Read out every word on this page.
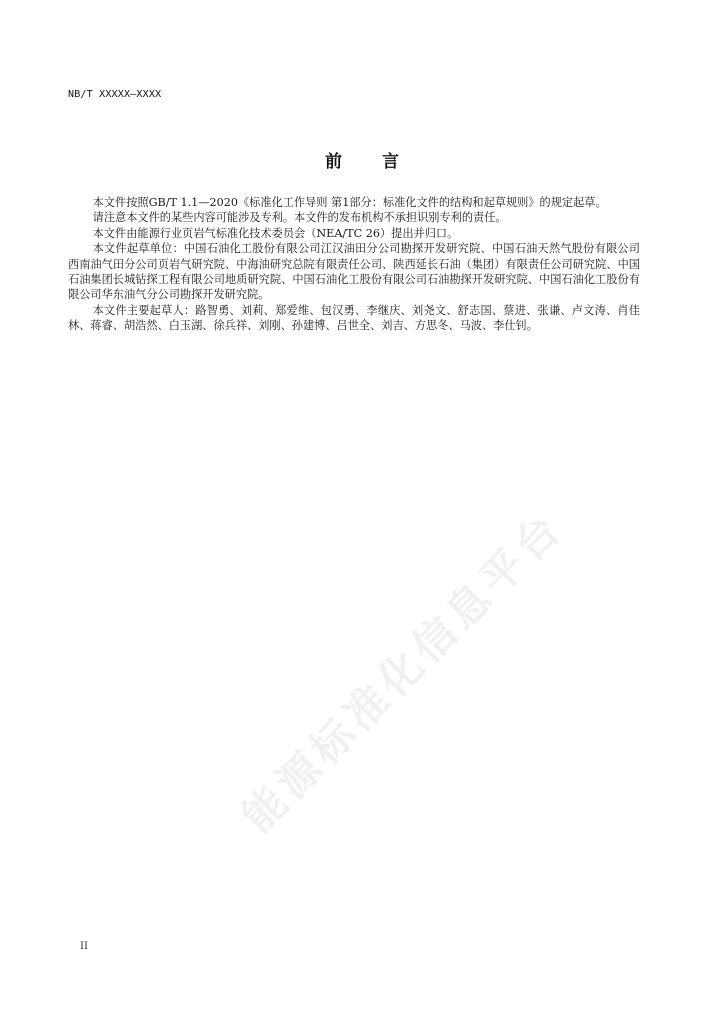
NB/T XXXXX—XXXX
前 言

本文件按照GB/T 1.1—2020《标准化工作导则 第1部分：标准化文件的结构和起草规则》的规定起草。

请注意本文件的某些内容可能涉及专利。本文件的发布机构不承担识别专利的责任。

本文件由能源行业页岩气标准化技术委员会（NEA/TC 26）提出并归口。

本文件起草单位：中国石油化工股份有限公司江汉油田分公司勘探开发研究院、中国石油天然气股份有限公司西南油气田分公司页岩气研究院、中海油研究总院有限责任公司、陕西延长石油（集团）有限责任公司研究院、中国石油集团长城钻探工程有限公司地质研究院、中国石油化工股份有限公司石油勘探开发研究院、中国石油化工股份有限公司华东油气分公司勘探开发研究院。

本文件主要起草人：路智勇、刘莉、郑爱维、包汉勇、李继庆、刘尧文、舒志国、蔡进、张谦、卢文涛、肖佳林、蒋睿、胡浩然、白玉湖、徐兵祥、刘刚、孙建博、吕世全、刘吉、方思冬、马波、李仕钊。

能源标准化信息平台
II
